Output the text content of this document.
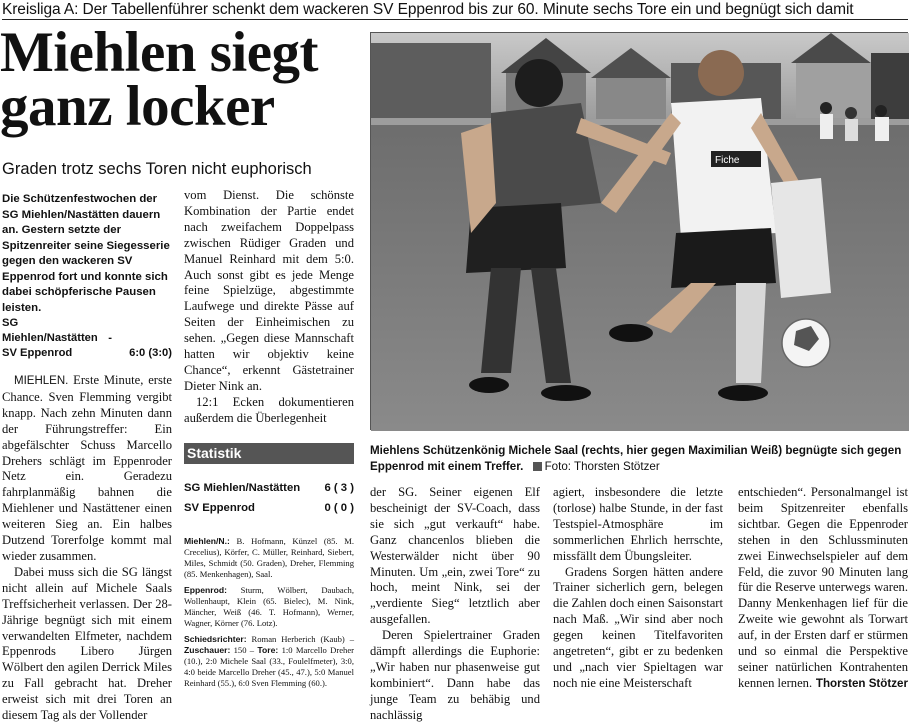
Kreisliga A: Der Tabellenführer schenkt dem wackeren SV Eppenrod bis zur 60. Minute sechs Tore ein und begnügt sich damit
Miehlen siegt
ganz locker
Graden trotz sechs Toren nicht euphorisch

Die Schützenfestwochen der SG Miehlen/Nastätten dauern an. Gestern setzte der Spitzenreiter seine Siegesserie gegen den wackeren SV Eppenrod fort und konnte sich dabei schöpferische Pausen leisten.

SG Miehlen/Nastätten - SV Eppenrod	6:0 (3:0)

MIEHLEN. Erste Minute, erste Chance. Sven Flemming vergibt knapp. Nach zehn Minuten dann der Führungstreffer: Ein abgefälschter Schuss Marcello Drehers schlägt im Eppenroder Netz ein. Geradezu fahrplanmäßig bahnen die Miehlener und Nastättener einen weiteren Sieg an. Ein halbes Dutzend Torerfolge kommt mal wieder zusammen.

Dabei muss sich die SG längst nicht allein auf Michele Saals Treffsicherheit verlassen. Der 28-Jährige begnügt sich mit einem verwandelten Elfmeter, nachdem Eppenrods Libero Jürgen Wölbert den agilen Derrick Miles zu Fall gebracht hat. Dreher erweist sich mit drei Toren an diesem Tag als der Vollender

vom Dienst. Die schönste Kombination der Partie endet nach zweifachem Doppelpass zwischen Rüdiger Graden und Manuel Reinhard mit dem 5:0. Auch sonst gibt es jede Menge feine Spielzüge, abgestimmte Laufwege und direkte Pässe auf Seiten der Einheimischen zu sehen. „Gegen diese Mannschaft hatten wir objektiv keine Chance“, erkennt Gästetrainer Dieter Nink an.

12:1 Ecken dokumentieren außerdem die Überlegenheit

Statistik
SG Miehlen/Nastätten 6 ( 3 )
SV Eppenrod	0 ( 0 )

Miehlen/N.: B. Hofmann, Künzel (85. M. Crecelius), Körfer, C. Müller, Reinhard, Siebert, Miles, Schmidt (50. Graden), Dreher, Flemming (85. Menkenhagen), Saal.

Eppenrod: Sturm, Wölbert, Daubach, Wollenhaupt, Klein (65. Bielec), M. Nink, Mäncher, Weiß (46. T. Hofmann), Werner, Wagner, Körner (76. Lotz).

Schiedsrichter: Roman Herberich (Kaub) – Zuschauer: 150 – Tore: 1:0 Marcello Dreher (10.), 2:0 Michele Saal (33., Foulelfmeter), 3:0, 4:0 beide Marcello Dreher (45., 47.), 5:0 Manuel Reinhard (55.), 6:0 Sven Flemming (60.).

Fiche
Miehlens Schützenkönig Michele Saal (rechts, hier gegen Maximilian Weiß) begnügte sich gegen Eppenrod mit einem Treffer. Foto: Thorsten Stötzer

der SG. Seiner eigenen Elf bescheinigt der SV-Coach, dass sie sich „gut verkauft“ habe. Ganz chancenlos blieben die Westerwälder nicht über 90 Minuten. Um „ein, zwei Tore“ zu hoch, meint Nink, sei der „verdiente Sieg“ letztlich aber ausgefallen.

Deren Spielertrainer Graden dämpft allerdings die Euphorie: „Wir haben nur phasenweise gut kombiniert“. Dann habe das junge Team zu behäbig und nachlässig

agiert, insbesondere die letzte (torlose) halbe Stunde, in der fast Testspiel-Atmosphäre im sommerlichen Ehrlich herrschte, missfällt dem Übungsleiter.

Gradens Sorgen hätten andere Trainer sicherlich gern, belegen die Zahlen doch einen Saisonstart nach Maß. „Wir sind aber noch gegen keinen Titelfavoriten angetreten“, gibt er zu bedenken und „nach vier Spieltagen war noch nie eine Meisterschaft

entschieden“. Personalmangel ist beim Spitzenreiter ebenfalls sichtbar. Gegen die Eppenroder stehen in den Schlussminuten zwei Einwechselspieler auf dem Feld, die zuvor 90 Minuten lang für die Reserve unterwegs waren. Danny Menkenhagen lief für die Zweite wie gewohnt als Torwart auf, in der Ersten darf er stürmen und so einmal die Perspektive seiner natürlichen Kontrahenten kennen lernen. Thorsten Stötzer
